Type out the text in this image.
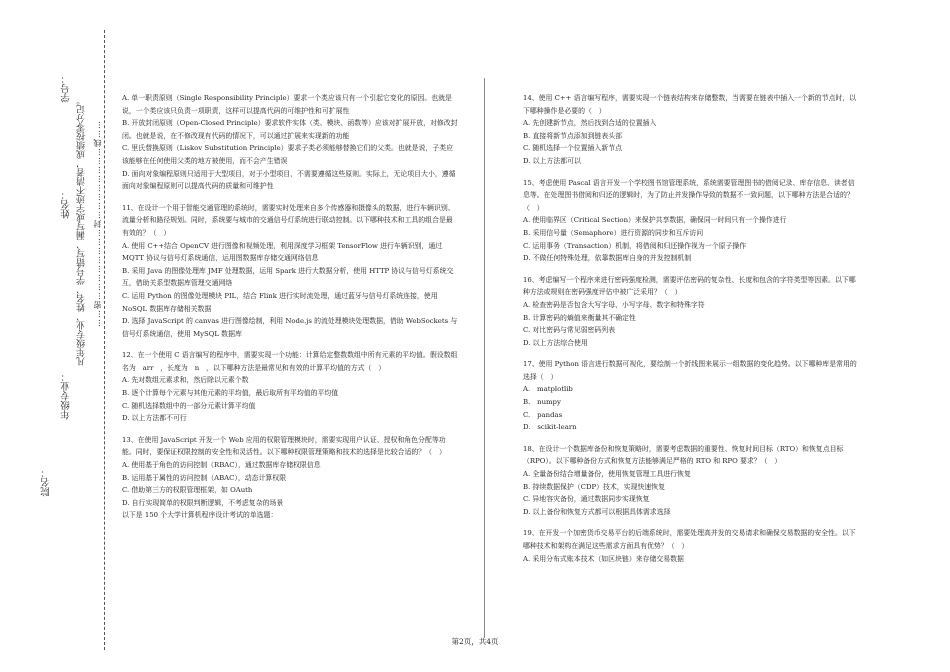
学号：
姓名：
年级专业：
院名：
凡年级专业、姓名、学号错写、漏写或字迹不清者，成绩按零分记。 ……密……………………封……………………线……
A. 单一职责原则（Single Responsibility Principle）要求一个类应该只有一个引起它变化的原因。也就是说，一个类应该只负责一项职责，这样可以提高代码的可维护性和可扩展性
B. 开放封闭原则（Open-Closed Principle）要求软件实体（类、模块、函数等）应该对扩展开放，对修改封闭。也就是说，在不修改现有代码的情况下，可以通过扩展来实现新的功能
C. 里氏替换原则（Liskov Substitution Principle）要求子类必须能够替换它们的父类。也就是说，子类应该能够在任何使用父类的地方被使用，而不会产生错误
D. 面向对象编程原则只适用于大型项目，对于小型项目，不需要遵循这些原则。实际上，无论项目大小，遵循面向对象编程原则可以提高代码的质量和可维护性
11、在设计一个用于智能交通管理的系统时，需要实时处理来自多个传感器和摄像头的数据，进行车辆识别、流量分析和路径规划。同时，系统要与城市的交通信号灯系统进行联动控制。以下哪种技术和工具的组合是最有效的？（　）
A. 使用 C++结合 OpenCV 进行图像和视频处理，利用深度学习框架 TensorFlow 进行车辆识别，通过 MQTT 协议与信号灯系统通信，运用图数据库存储交通网络信息
B. 采用 Java 的图像处理库 JMF 处理数据，运用 Spark 进行大数据分析，使用 HTTP 协议与信号灯系统交互，借助关系型数据库管理交通网络
C. 运用 Python 的图像处理模块 PIL，结合 Flink 进行实时流处理，通过蓝牙与信号灯系统连接，使用 NoSQL 数据库存储相关数据
D. 选择 JavaScript 的 canvas 进行图像绘制，利用 Node.js 的流处理模块处理数据，借助 WebSockets 与信号灯系统通信，使用 MySQL 数据库
12、在一个使用 C 语言编写的程序中，需要实现一个功能：计算给定整数数组中所有元素的平均值。假设数组名为　arr　，长度为　n　，以下哪种方法是最常见和有效的计算平均值的方式（　）
A. 先对数组元素求和，然后除以元素个数
B. 逐个计算每个元素与其他元素的平均值，最后取所有平均值的平均值
C. 随机选择数组中的一部分元素计算平均值
D. 以上方法都不可行
13、在使用 JavaScript 开发一个 Web 应用的权限管理模块时，需要实现用户认证、授权和角色分配等功能。同时，要保证权限控制的安全性和灵活性。以下哪种权限管理策略和技术的选择是比较合适的？（　）
A. 使用基于角色的访问控制（RBAC），通过数据库存储权限信息
B. 运用基于属性的访问控制（ABAC），动态计算权限
C. 借助第三方的权限管理框架，如 OAuth
D. 自行实现简单的权限判断逻辑，不考虑复杂的场景
以下是 150 个大学计算机程序设计考试的单选题：
14、使用 C++ 语言编写程序，需要实现一个链表结构来存储整数，当需要在链表中插入一个新的节点时，以下哪种操作是必要的（　）
A. 先创建新节点，然后找到合适的位置插入
B. 直接将新节点添加到链表头部
C. 随机选择一个位置插入新节点
D. 以上方法都可以
15、考虑使用 Pascal 语言开发一个学校图书馆管理系统，系统需要管理图书的借阅记录、库存信息、读者信息等。在处理图书借阅和归还的逻辑时，为了防止并发操作导致的数据不一致问题，以下哪种方法是合适的？（　）
A. 使用临界区（Critical Section）来保护共享数据，确保同一时间只有一个操作进行
B. 采用信号量（Semaphore）进行资源的同步和互斥访问
C. 运用事务（Transaction）机制，将借阅和归还操作视为一个原子操作
D. 不做任何特殊处理，依靠数据库自身的并发控制机制
16、考虑编写一个程序来进行密码强度检测，需要评估密码的复杂性、长度和包含的字符类型等因素。以下哪种方法或规则在密码强度评估中被广泛采用？（　）
A. 检查密码是否包含大写字母、小写字母、数字和特殊字符
B. 计算密码的熵值来衡量其不确定性
C. 对比密码与常见弱密码列表
D. 以上方法综合使用
17、使用 Python 语言进行数据可视化，要绘制一个折线图来展示一组数据的变化趋势。以下哪种库是常用的选择（　）
A.　matplotlib
B.　numpy
C.　pandas
D.　scikit-learn
18、在设计一个数据库备份和恢复策略时，需要考虑数据的重要性、恢复时间目标（RTO）和恢复点目标（RPO）。以下哪种备份方式和恢复方法能够满足严格的 RTO 和 RPO 要求？（　）
A. 全量备份结合增量备份，使用恢复管理工具进行恢复
B. 持续数据保护（CDP）技术，实现快速恢复
C. 异地容灾备份，通过数据同步实现恢复
D. 以上备份和恢复方式都可以根据具体需求选择
19、在开发一个加密货币交易平台的后端系统时，需要处理高并发的交易请求和确保交易数据的安全性。以下哪种技术和架构在满足这些需求方面具有优势？（　）
A. 采用分布式账本技术（如区块链）来存储交易数据
第2页，共4页
